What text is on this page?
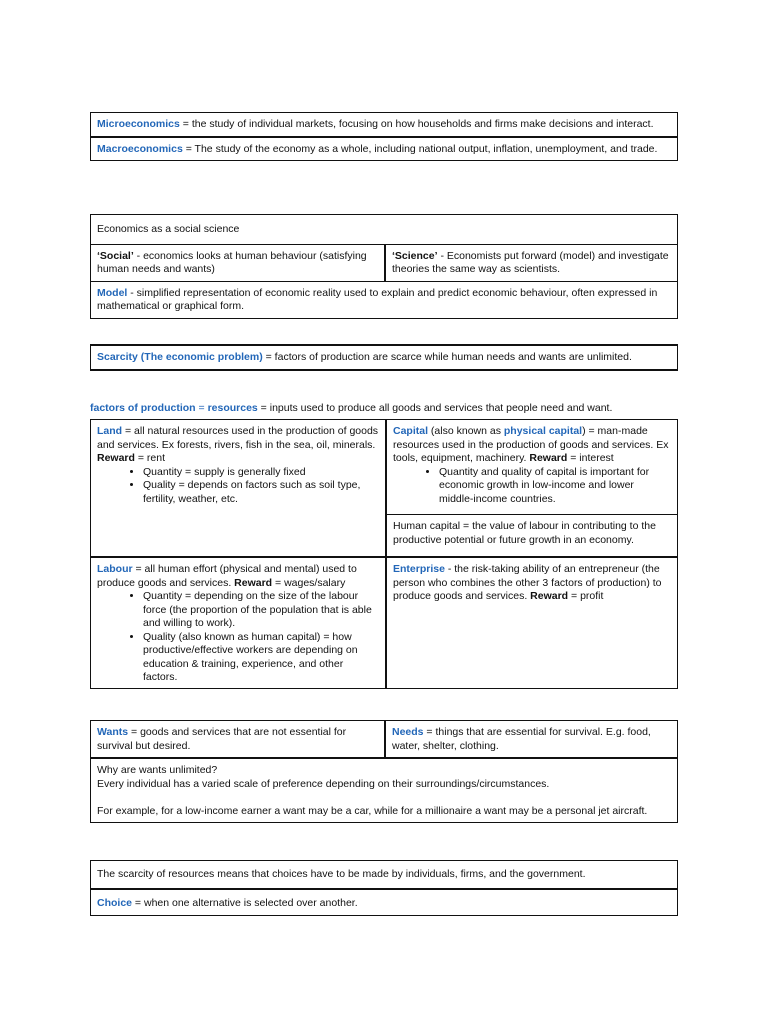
Microeconomics = the study of individual markets, focusing on how households and firms make decisions and interact.
Macroeconomics = The study of the economy as a whole, including national output, inflation, unemployment, and trade.
Economics as a social science
‘Social’ - economics looks at human behaviour (satisfying human needs and wants)
‘Science’ - Economists put forward (model) and investigate theories the same way as scientists.
Model - simplified representation of economic reality used to explain and predict economic behaviour, often expressed in mathematical or graphical form.
Scarcity (The economic problem) = factors of production are scarce while human needs and wants are unlimited.
factors of production = resources = inputs used to produce all goods and services that people need and want.
Land = all natural resources used in the production of goods and services. Ex forests, rivers, fish in the sea, oil, minerals. Reward = rent
• Quantity = supply is generally fixed
• Quality = depends on factors such as soil type, fertility, weather, etc.
Capital (also known as physical capital) = man-made resources used in the production of goods and services. Ex tools, equipment, machinery. Reward = interest
• Quantity and quality of capital is important for economic growth in low-income and lower middle-income countries.
Human capital = the value of labour in contributing to the productive potential or future growth in an economy.
Labour = all human effort (physical and mental) used to produce goods and services. Reward = wages/salary
• Quantity = depending on the size of the labour force (the proportion of the population that is able and willing to work).
• Quality (also known as human capital) = how productive/effective workers are depending on education & training, experience, and other factors.
Enterprise - the risk-taking ability of an entrepreneur (the person who combines the other 3 factors of production) to produce goods and services. Reward = profit
Wants = goods and services that are not essential for survival but desired.
Needs = things that are essential for survival. E.g. food, water, shelter, clothing.
Why are wants unlimited?
Every individual has a varied scale of preference depending on their surroundings/circumstances.
For example, for a low-income earner a want may be a car, while for a millionaire a want may be a personal jet aircraft.
The scarcity of resources means that choices have to be made by individuals, firms, and the government.
Choice = when one alternative is selected over another.
